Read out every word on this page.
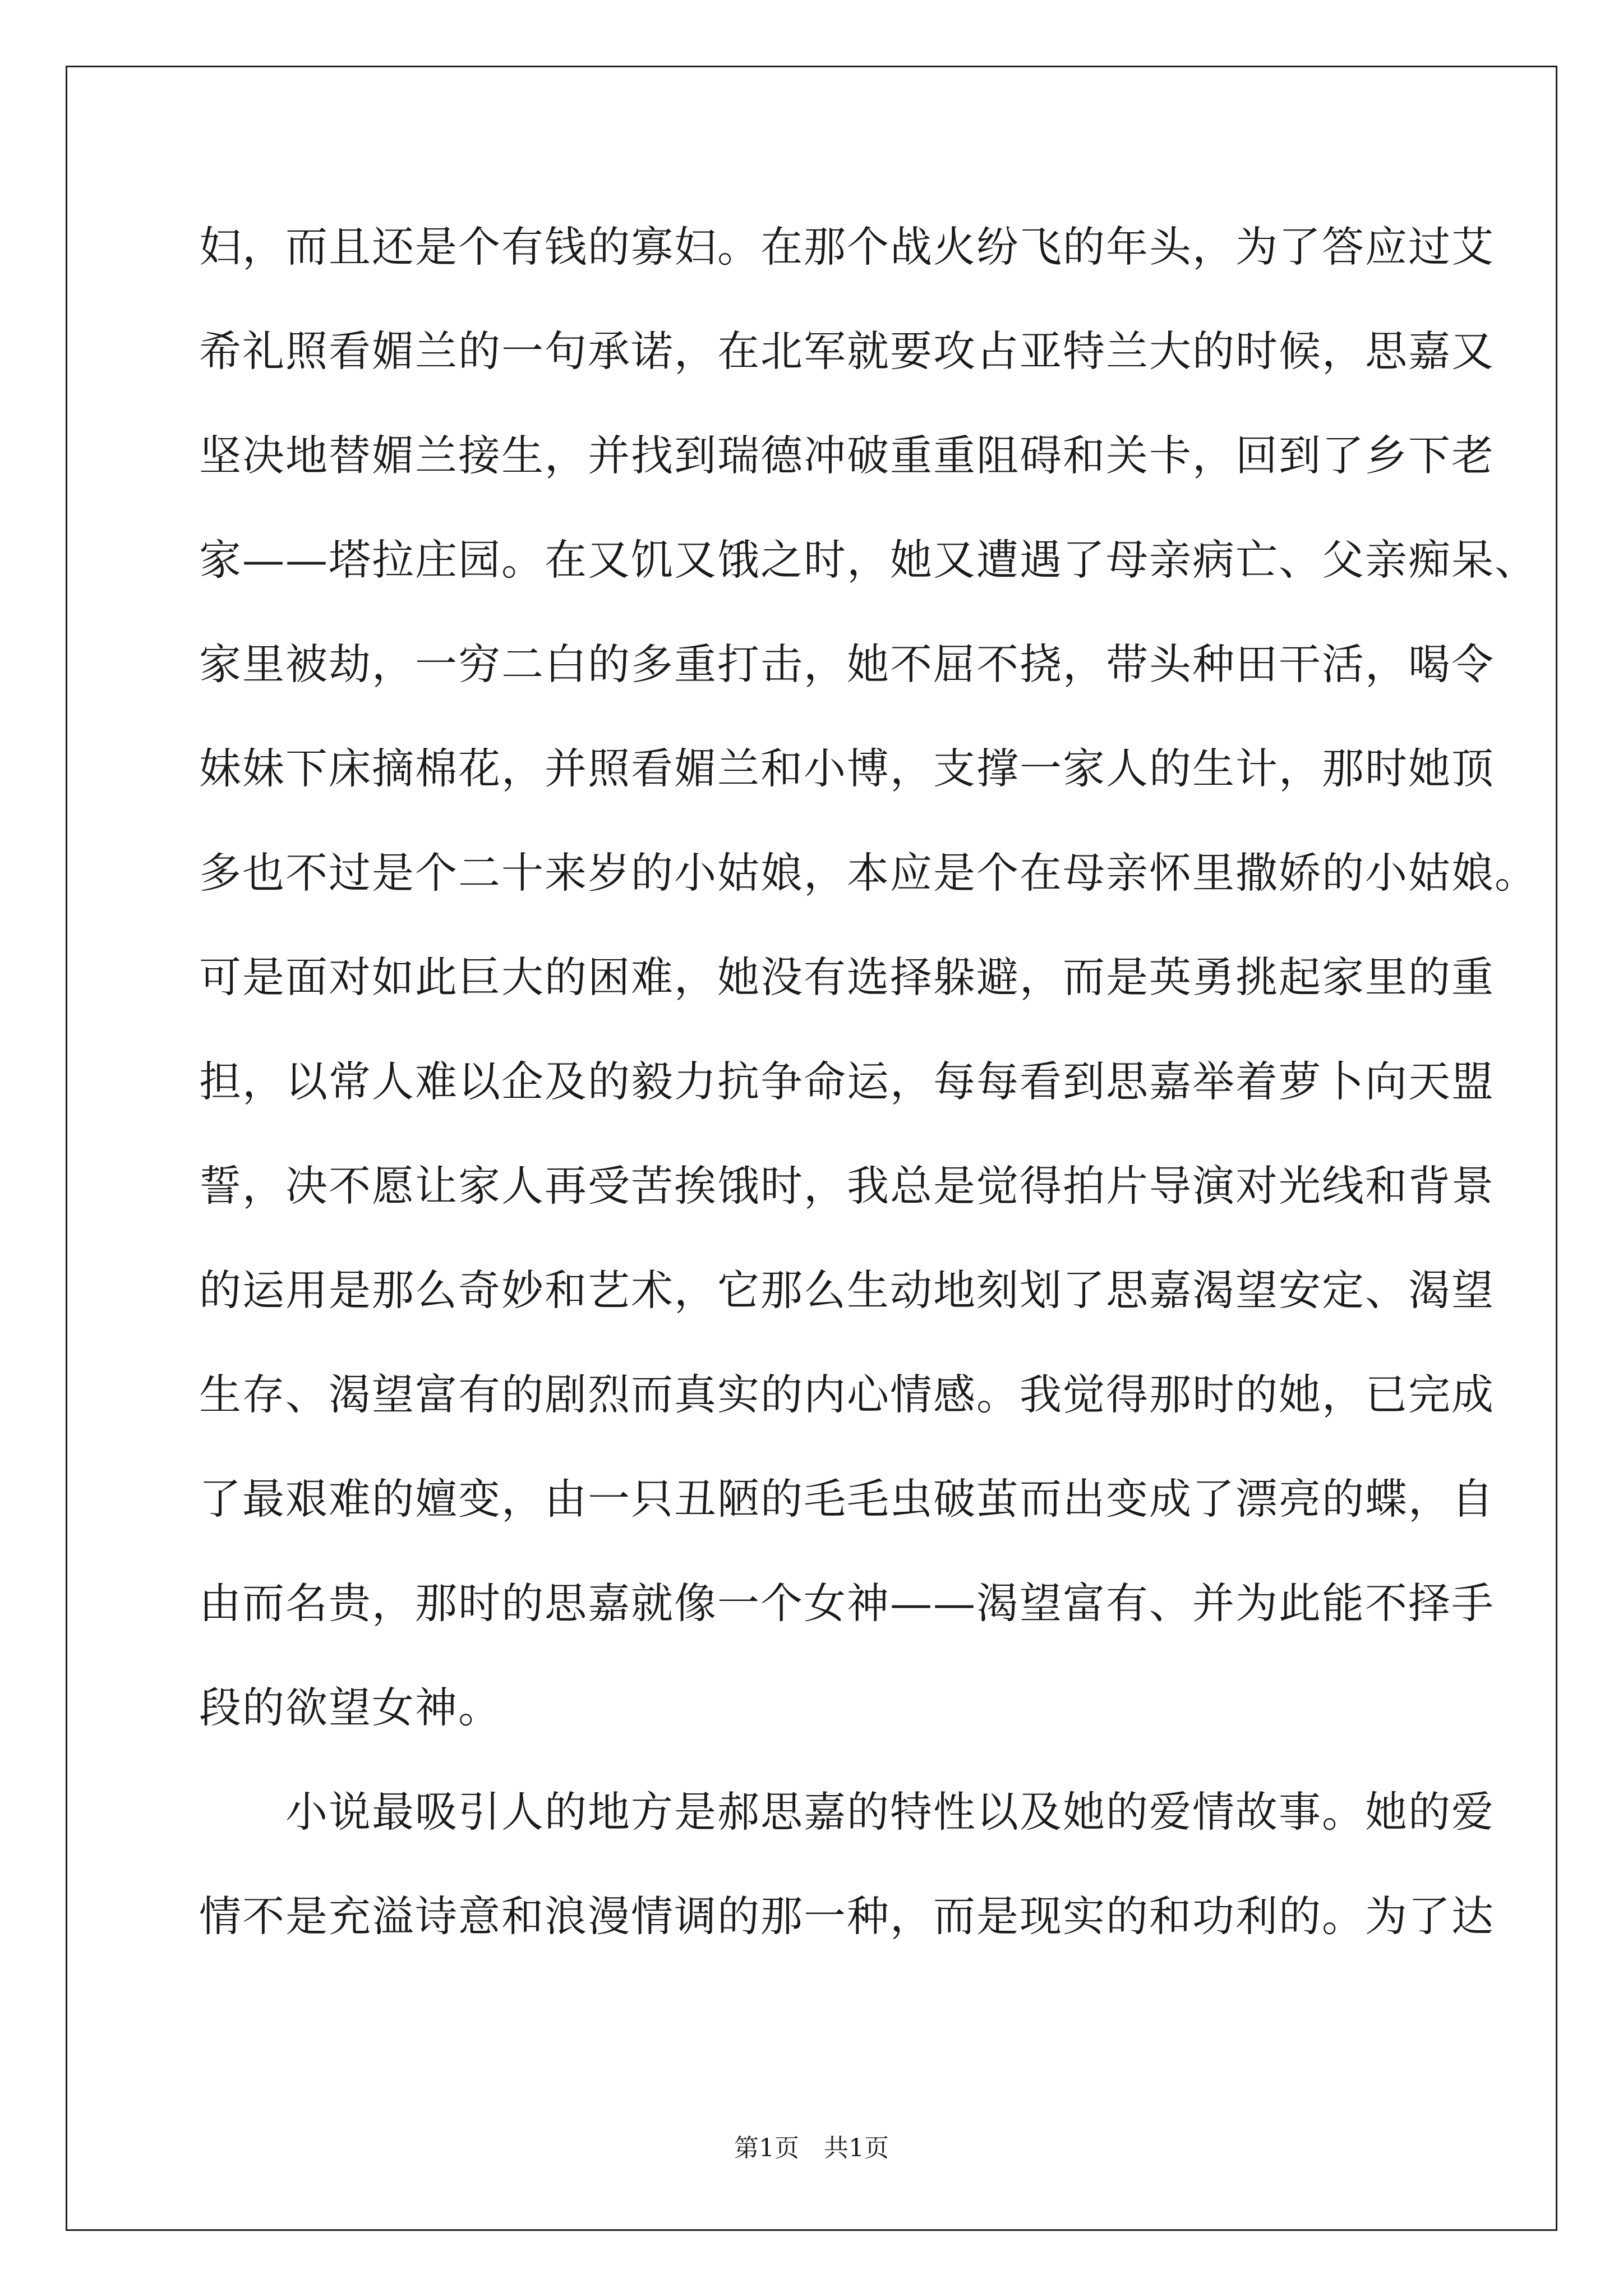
妇，而且还是个有钱的寡妇。在那个战火纷飞的年头，为了答应过艾
希礼照看媚兰的一句承诺，在北军就要攻占亚特兰大的时候，思嘉又
坚决地替媚兰接生，并找到瑞德冲破重重阻碍和关卡，回到了乡下老
家——塔拉庄园。在又饥又饿之时，她又遭遇了母亲病亡、父亲痴呆、
家里被劫，一穷二白的多重打击，她不屈不挠，带头种田干活，喝令
妹妹下床摘棉花，并照看媚兰和小博，支撑一家人的生计，那时她顶
多也不过是个二十来岁的小姑娘，本应是个在母亲怀里撒娇的小姑娘。
可是面对如此巨大的困难，她没有选择躲避，而是英勇挑起家里的重
担，以常人难以企及的毅力抗争命运，每每看到思嘉举着萝卜向天盟
誓，决不愿让家人再受苦挨饿时，我总是觉得拍片导演对光线和背景
的运用是那么奇妙和艺术，它那么生动地刻划了思嘉渴望安定、渴望
生存、渴望富有的剧烈而真实的内心情感。我觉得那时的她，已完成
了最艰难的嬗变，由一只丑陋的毛毛虫破茧而出变成了漂亮的蝶，自
由而名贵，那时的思嘉就像一个女神——渴望富有、并为此能不择手
段的欲望女神。
　　小说最吸引人的地方是郝思嘉的特性以及她的爱情故事。她的爱
情不是充溢诗意和浪漫情调的那一种，而是现实的和功利的。为了达
第1页　共1页
